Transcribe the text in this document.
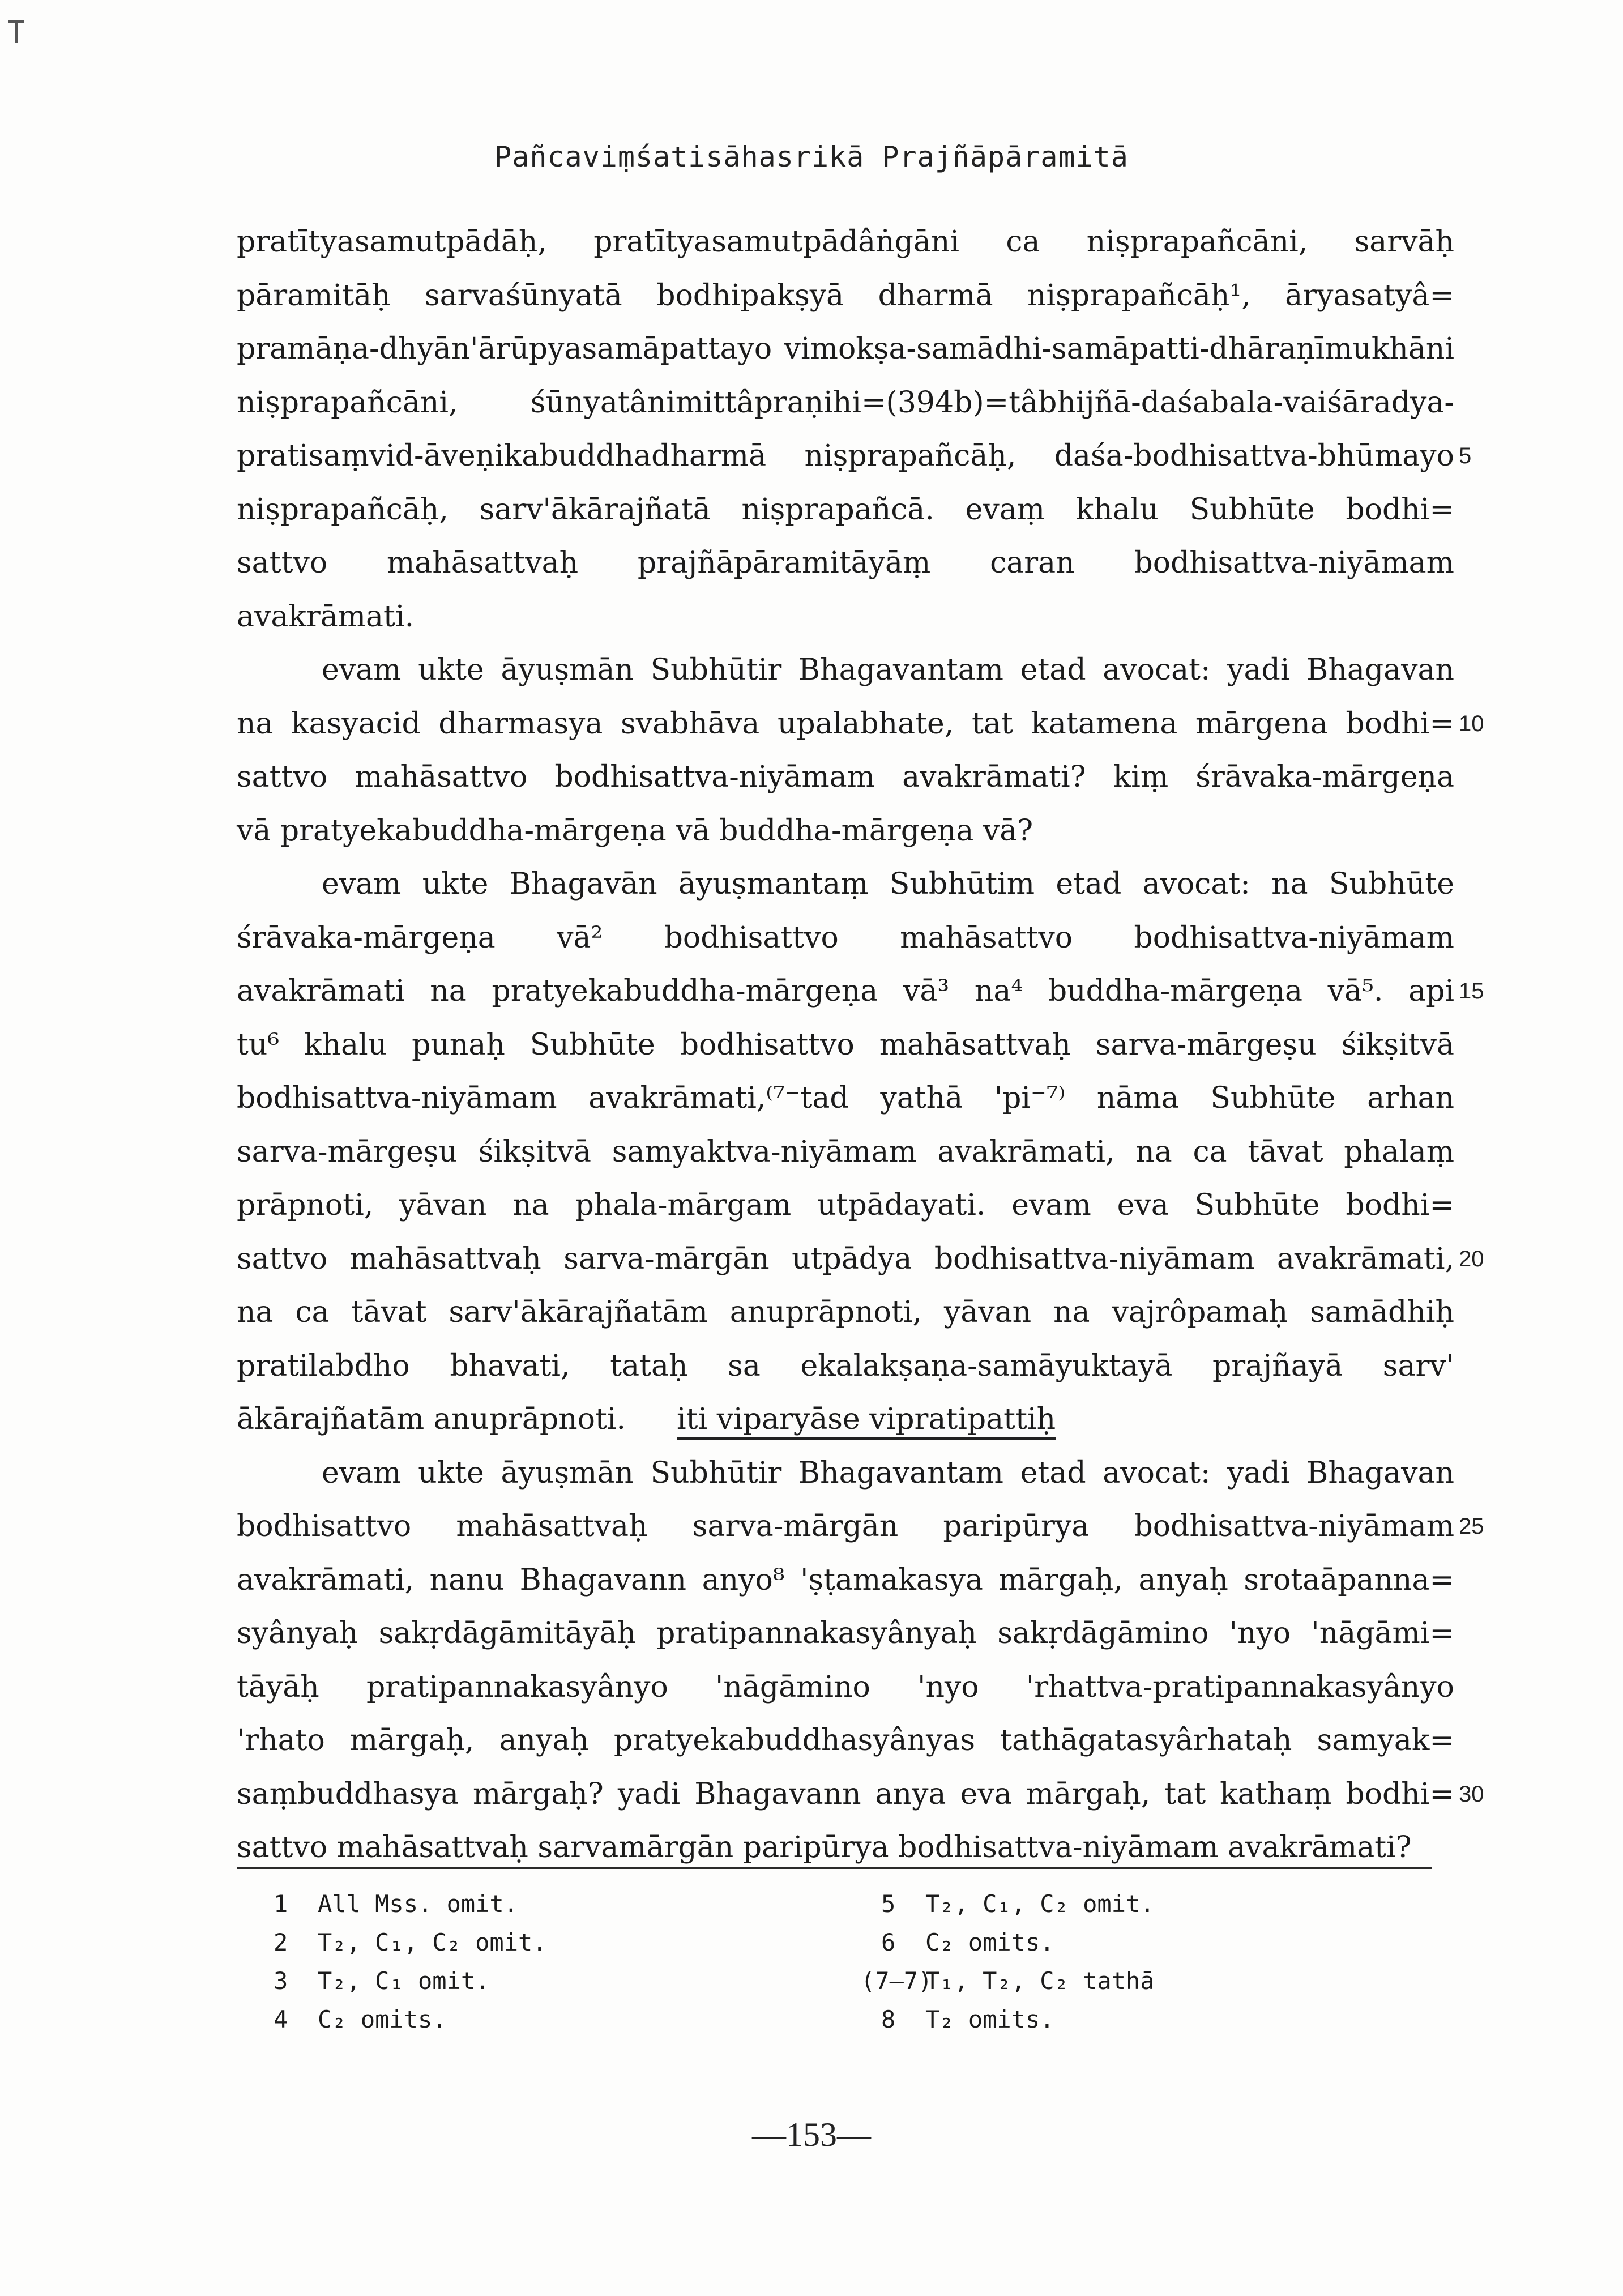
Pañcaviṃśatisāhasrikā Prajñāpāramitā
pratītyasamutpādāḥ, pratītyasamutpādâṅgāni ca niṣprapañcāni, sarvāḥ
pāramitāḥ sarvaśūnyatā bodhipakṣyā dharmā niṣprapañcāḥ¹, āryasatyâ=
pramāṇa-dhyān'ārūpyasamāpattayo vimokṣa-samādhi-samāpatti-dhāraṇīmukhāni
niṣprapañcāni, śūnyatânimittâpraṇihi=(394b)=tâbhijñā-daśabala-vaiśāradya-
pratisaṃvid-āveṇikabuddhadharmā niṣprapañcāḥ, daśa-bodhisattva-bhūmayo 5
niṣprapañcāḥ, sarv'ākārajñatā niṣprapañcā. evaṃ khalu Subhūte bodhi=
sattvo mahāsattvaḥ prajñāpāramitāyāṃ caran bodhisattva-niyāmam
avakrāmati.
evam ukte āyuṣmān Subhūtir Bhagavantam etad avocat: yadi Bhagavan
na kasyacid dharmasya svabhāva upalabhate, tat katamena mārgena bodhi= 10
sattvo mahāsattvo bodhisattva-niyāmam avakrāmati? kiṃ śrāvaka-mārgeṇa
vā pratyekabuddha-mārgeṇa vā buddha-mārgeṇa vā?
evam ukte Bhagavān āyuṣmantaṃ Subhūtim etad avocat: na Subhūte
śrāvaka-mārgeṇa vā² bodhisattvo mahāsattvo bodhisattva-niyāmam
avakrāmati na pratyekabuddha-mārgeṇa vā³ na⁴ buddha-mārgeṇa vā⁵. api 15
tu⁶ khalu punaḥ Subhūte bodhisattvo mahāsattvaḥ sarva-mārgeṣu śikṣitvā
bodhisattva-niyāmam avakrāmati,⁽⁷⁻tad yathā 'pi⁻⁷⁾ nāma Subhūte arhan
sarva-mārgeṣu śikṣitvā samyaktva-niyāmam avakrāmati, na ca tāvat phalaṃ
prāpnoti, yāvan na phala-mārgam utpādayati. evam eva Subhūte bodhi=
sattvo mahāsattvaḥ sarva-mārgān utpādya bodhisattva-niyāmam avakrāmati, 20
na ca tāvat sarv'ākārajñatām anuprāpnoti, yāvan na vajrôpamaḥ samādhiḥ
pratilabdho bhavati, tataḥ sa ekalakṣaṇa-samāyuktayā prajñayā sarv'
ākārajñatām anuprāpnoti. iti viparyāse vipratipattiḥ
evam ukte āyuṣmān Subhūtir Bhagavantam etad avocat: yadi Bhagavan
bodhisattvo mahāsattvaḥ sarva-mārgān paripūrya bodhisattva-niyāmam 25
avakrāmati, nanu Bhagavann anyo⁸ 'ṣṭamakasya mārgaḥ, anyaḥ srotaāpanna=
syânyaḥ sakṛdāgāmitāyāḥ pratipannakasyânyaḥ sakṛdāgāmino 'nyo 'nāgāmi=
tāyāḥ pratipannakasyânyo 'nāgāmino 'nyo 'rhattva-pratipannakasyânyo
'rhato mārgaḥ, anyaḥ pratyekabuddhasyânyas tathāgatasyârhataḥ samyak=
saṃbuddhasya mārgaḥ? yadi Bhagavann anya eva mārgaḥ, tat kathaṃ bodhi= 30
sattvo mahāsattvaḥ sarvamārgān paripūrya bodhisattva-niyāmam avakrāmati?
1 All Mss. omit.
2 T₂, C₁, C₂ omit.
3 T₂, C₁ omit.
4 C₂ omits.
5 T₂, C₁, C₂ omit.
6 C₂ omits.
(7–7)T₁, T₂, C₂ tathā
8 T₂ omits.
—153—
